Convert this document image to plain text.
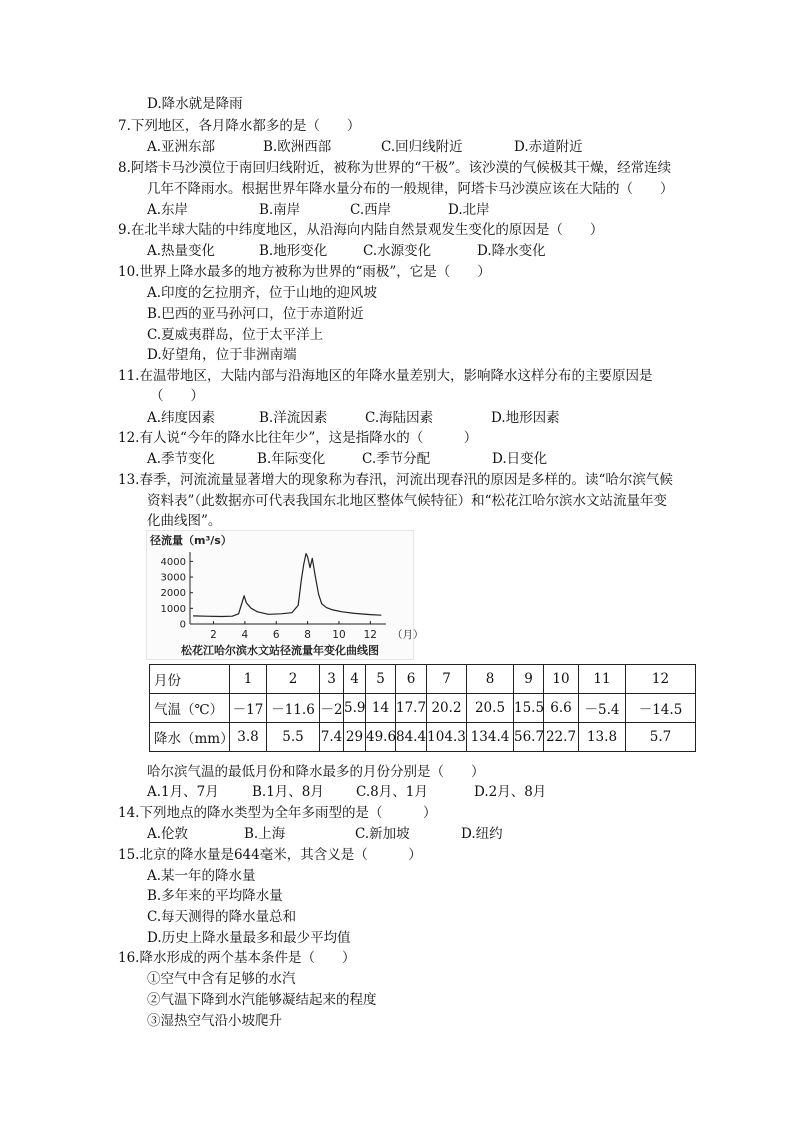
D.降水就是降雨
7.下列地区，各月降水都多的是（　　）
A.亚洲东部	B.欧洲西部	C.回归线附近	D.赤道附近
8.阿塔卡马沙漠位于南回归线附近，被称为世界的“干极”。该沙漠的气候极其干燥，经常连续
几年不降雨水。根据世界年降水量分布的一般规律，阿塔卡马沙漠应该在大陆的（　　）
A.东岸	B.南岸	C.西岸	D.北岸
9.在北半球大陆的中纬度地区，从沿海向内陆自然景观发生变化的原因是（　　）
A.热量变化	B.地形变化	C.水源变化	D.降水变化
10.世界上降水最多的地方被称为世界的“雨极”，它是（　　）
A.印度的乞拉朋齐，位于山地的迎风坡
B.巴西的亚马孙河口，位于赤道附近
C.夏威夷群岛，位于太平洋上
D.好望角，位于非洲南端
11.在温带地区，大陆内部与沿海地区的年降水量差别大，影响降水这样分布的主要原因是
（　　）
A.纬度因素	B.洋流因素	C.海陆因素	D.地形因素
12.有人说“今年的降水比往年少”，这是指降水的（　　　）
A.季节变化	B.年际变化	C.季节分配	D.日变化
13.春季，河流流量显著增大的现象称为春汛，河流出现春汛的原因是多样的。读“哈尔滨气候
资料表”（此数据亦可代表我国东北地区整体气候特征）和“松花江哈尔滨水文站流量年变
化曲线图”。
径流量（m³/s）
4000
3000
2000
1000
0
2 4 6 8 10 12 （月）
松花江哈尔滨水文站径流量年变化曲线图
月份	1	2	3	4	5	6	7	8	9	10	11	12
气温（℃）	－17	－11.6	－2	5.9	14	17.7	20.2	20.5	15.5	6.6	－5.4	－14.5
降水（mm）	3.8	5.5	7.4	29	49.6	84.4	104.3	134.4	56.7	22.7	13.8	5.7
哈尔滨气温的最低月份和降水最多的月份分别是（　　）
A.1月、7月 B.1月、8月 C.8月、1月	D.2月、8月
14.下列地点的降水类型为全年多雨型的是（　　　）
A.伦敦	B.上海	C.新加坡	D.纽约
15.北京的降水量是644毫米，其含义是（　　　）
A.某一年的降水量
B.多年来的平均降水量
C.每天测得的降水量总和
D.历史上降水量最多和最少平均值
16.降水形成的两个基本条件是（　　）
①空气中含有足够的水汽
②气温下降到水汽能够凝结起来的程度
③湿热空气沿小坡爬升
